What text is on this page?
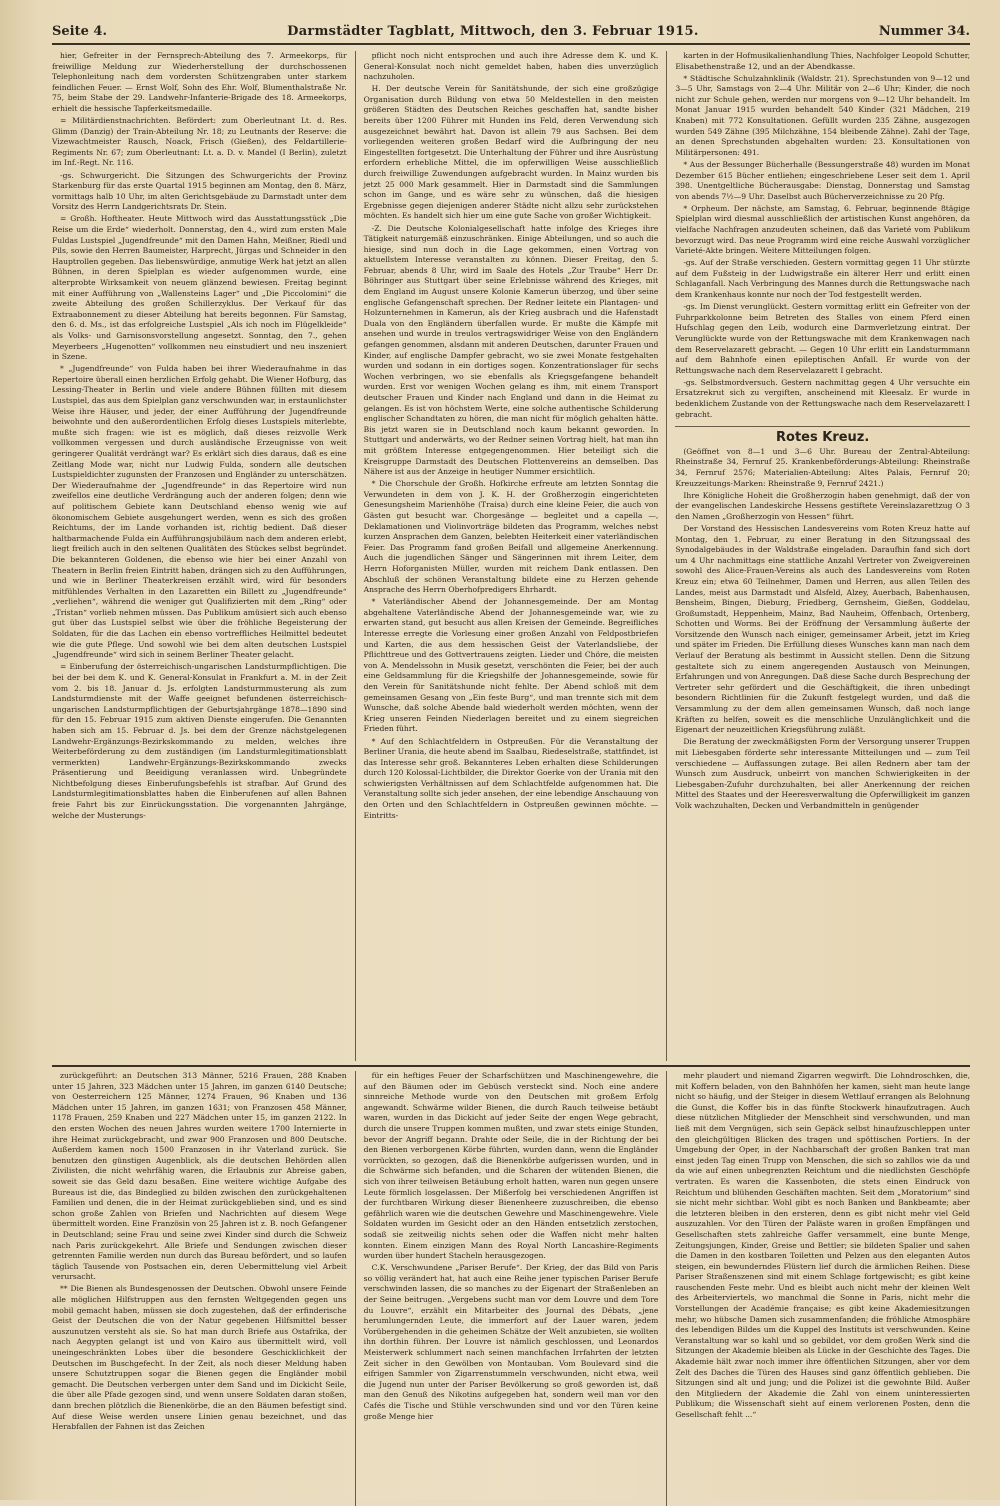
Seite 4.	Darmstädter Tagblatt, Mittwoch, den 3. Februar 1915.	Nummer 34.

hier, Gefreiter in der Fernsprech-Abteilung des 7. Armeekorps, für freiwillige Meldung zur Wiederherstellung der durchschossenen Telephonleitung nach dem vordersten Schützengraben unter starkem feindlichen Feuer. — Ernst Wolf, Sohn des Ehr. Wolf, Blumenthalstraße Nr. 75, beim Stabe der 29. Landwehr-Infanterie-Brigade des 18. Armeekorps, erhielt die hessische Tapferkeitsmedaille.

= Militärdienstnachrichten. Befördert: zum Oberleutnant Lt. d. Res. Glimm (Danzig) der Train-Abteilung Nr. 18; zu Leutnants der Reserve: die Vizewachtmeister Rausch, Noack, Frisch (Gießen), des Feldartillerie-Regiments Nr. 67; zum Oberleutnant: Lt. a. D. v. Mandel (I Berlin), zuletzt im Inf.-Regt. Nr. 116.

-gs. Schwurgericht. Die Sitzungen des Schwurgerichts der Provinz Starkenburg für das erste Quartal 1915 beginnen am Montag, den 8. März, vormittags halb 10 Uhr, im alten Gerichtsgebäude zu Darmstadt unter dem Vorsitz des Herrn Landgerichtsrats Dr. Stein.

= Großh. Hoftheater. Heute Mittwoch wird das Ausstattungsstück „Die Reise um die Erde“ wiederholt. Donnerstag, den 4., wird zum ersten Male Fuldas Lustspiel „Jugendfreunde“ mit den Damen Hahn, Meißner, Riedl und Pils, sowie den Herren Baumeister, Harprecht, Jürgas und Schneider in den Hauptrollen gegeben. Das liebenswürdige, anmutige Werk hat jetzt an allen Bühnen, in deren Spielplan es wieder aufgenommen wurde, eine alterprobte Wirksamkeit von neuem glänzend bewiesen. Freitag beginnt mit einer Aufführung von „Wallensteins Lager“ und „Die Piccolomini“ die zweite Abteilung des großen Schillerzyklus. Der Verkauf für das Extraabonnement zu dieser Abteilung hat bereits begonnen. Für Samstag, den 6. d. Ms., ist das erfolgreiche Lustspiel „Als ich noch im Flügelkleide“ als Volks- und Garnisonsvorstellung angesetzt. Sonntag, den 7., gehen Meyerbeers „Hugenotten“ vollkommen neu einstudiert und neu inszeniert in Szene.

* „Jugendfreunde“ von Fulda haben bei ihrer Wiederaufnahme in das Repertoire überall einen herzlichen Erfolg gehabt. Die Wiener Hofburg, das Lessing-Theater in Berlin und viele andere Bühnen füllten mit diesem Lustspiel, das aus dem Spielplan ganz verschwunden war, in erstaunlichster Weise ihre Häuser, und jeder, der einer Aufführung der Jugendfreunde beiwohnte und den außerordentlichen Erfolg dieses Lustspiels miterlebte, mußte sich fragen: wie ist es möglich, daß dieses reizvolle Werk vollkommen vergessen und durch ausländische Erzeugnisse von weit geringerer Qualität verdrängt war? Es erklärt sich dies daraus, daß es eine Zeitlang Mode war, nicht nur Ludwig Fulda, sondern alle deutschen Lustspieldichter zugunsten der Franzosen und Engländer zu unterschätzen. Der Wiederaufnahme der „Jugendfreunde“ in das Repertoire wird nun zweifellos eine deutliche Verdrängung auch der anderen folgen; denn wie auf politischem Gebiete kann Deutschland ebenso wenig wie auf ökonomischem Gebiete ausgehungert werden, wenn es sich des großen Reichtums, der im Lande vorhanden ist, richtig bedient. Daß dieser haltbarmachende Fulda ein Aufführungsjubiläum nach dem anderen erlebt, liegt freilich auch in den seltenen Qualitäten des Stückes selbst begründet. Die bekannteren Goldenen, die ebenso wie hier bei einer Anzahl von Theatern in Berlin freien Eintritt haben, drängen sich zu den Aufführungen, und wie in Berliner Theaterkreisen erzählt wird, wird für besonders mitfühlendes Verhalten in den Lazaretten ein Billett zu „Jugendfreunde“ „verliehen“, während die weniger gut Qualifizierten mit dem „Ring“ oder „Tristan“ vorlieb nehmen müssen. Das Publikum amüsiert sich auch ebenso gut über das Lustspiel selbst wie über die fröhliche Begeisterung der Soldaten, für die das Lachen ein ebenso vortreffliches Heilmittel bedeutet wie die gute Pflege. Und sowohl wie bei dem alten deutschen Lustspiel „Jugendfreunde“ wird sich in seinem Berliner Theater gelacht.

= Einberufung der österreichisch-ungarischen Landsturmpflichtigen. Die bei der bei dem K. und K. General-Konsulat in Frankfurt a. M. in der Zeit vom 2. bis 18. Januar d. Js. erfolgten Landsturmmusterung als zum Landsturmdienste mit der Waffe geeignet befundenen österreichisch-ungarischen Landsturmpflichtigen der Geburtsjahrgänge 1878—1890 sind für den 15. Februar 1915 zum aktiven Dienste eingerufen. Die Genannten haben sich am 15. Februar d. Js. bei dem der Grenze nächstgelegenen Landwehr-Ergänzungs-Bezirkskommando zu melden, welches ihre Weiterbeförderung zu dem zuständigen (im Landsturmlegitimationsblatt vermerkten) Landwehr-Ergänzungs-Bezirkskommando zwecks Präsentierung und Beeidigung veranlassen wird. Unbegründete Nichtbefolgung dieses Einberufungsbefehls ist strafbar. Auf Grund des Landsturmlegitimationsblattes haben die Einberufenen auf allen Bahnen freie Fahrt bis zur Einrückungsstation. Die vorgenannten Jahrgänge, welche der Musterungs-

pflicht noch nicht entsprochen und auch ihre Adresse dem K. und K. General-Konsulat noch nicht gemeldet haben, haben dies unverzüglich nachzuholen.

H. Der deutsche Verein für Sanitätshunde, der sich eine großzügige Organisation durch Bildung von etwa 50 Meldestellen in den meisten größeren Städten des Deutschen Reiches geschaffen hat, sandte bisher bereits über 1200 Führer mit Hunden ins Feld, deren Verwendung sich ausgezeichnet bewährt hat. Davon ist allein 79 aus Sachsen. Bei dem vorliegenden weiteren großen Bedarf wird die Aufbringung der neu Eingestellten fortgesetzt. Die Unterhaltung der Führer und ihre Ausrüstung erfordern erhebliche Mittel, die im opferwilligen Weise ausschließlich durch freiwillige Zuwendungen aufgebracht wurden. In Mainz wurden bis jetzt 25 000 Mark gesammelt. Hier in Darmstadt sind die Sammlungen schon im Gange, und es wäre sehr zu wünschen, daß die hiesigen Ergebnisse gegen diejenigen anderer Städte nicht allzu sehr zurückstehen möchten. Es handelt sich hier um eine gute Sache von großer Wichtigkeit.

-Z. Die Deutsche Kolonialgesellschaft hatte infolge des Krieges ihre Tätigkeit naturgemäß einzuschränken. Einige Abteilungen, und so auch die hiesige, sind nun doch in die Lage gekommen, einen Vortrag von aktuellstem Interesse veranstalten zu können. Dieser Freitag, den 5. Februar, abends 8 Uhr, wird im Saale des Hotels „Zur Traube“ Herr Dr. Böhringer aus Stuttgart über seine Erlebnisse während des Krieges, mit dem England im August unsere Kolonie Kamerun überzog, und über seine englische Gefangenschaft sprechen. Der Redner leitete ein Plantagen- und Holzunternehmen in Kamerun, als der Krieg ausbrach und die Hafenstadt Duala von den Engländern überfallen wurde. Er mußte die Kämpfe mit ansehen und wurde in treulos vertragswidriger Weise von den Engländern gefangen genommen, alsdann mit anderen Deutschen, darunter Frauen und Kinder, auf englische Dampfer gebracht, wo sie zwei Monate festgehalten wurden und sodann in ein dortiges sogen. Konzentrationslager für sechs Wochen verbringen, wo sie ebenfalls als Kriegsgefangene behandelt wurden. Erst vor wenigen Wochen gelang es ihm, mit einem Transport deutscher Frauen und Kinder nach England und dann in die Heimat zu gelangen. Es ist von höchstem Werte, eine solche authentische Schilderung englischer Schandtaten zu hören, die man nicht für möglich gehalten hätte. Bis jetzt waren sie in Deutschland noch kaum bekannt geworden. In Stuttgart und anderwärts, wo der Redner seinen Vortrag hielt, hat man ihn mit größtem Interesse entgegengenommen. Hier beteiligt sich die Kreisgruppe Darmstadt des Deutschen Flottenvereins an demselben. Das Nähere ist aus der Anzeige in heutiger Nummer ersichtlich.

* Die Chorschule der Großh. Hofkirche erfreute am letzten Sonntag die Verwundeten in dem von J. K. H. der Großherzogin eingerichteten Genesungsheim Marienhöhe (Traisa) durch eine kleine Feier, die auch von Gästen gut besucht war. Chorgesänge — begleitet und a capella —, Deklamationen und Violinvorträge bildeten das Programm, welches nebst kurzen Ansprachen dem Ganzen, belebten Heiterkeit einer vaterländischen Feier. Das Programm fand großen Beifall und allgemeine Anerkennung. Auch die jugendlichen Sänger und Sängerinnen mit ihrem Leiter, dem Herrn Hoforganisten Müller, wurden mit reichem Dank entlassen. Den Abschluß der schönen Veranstaltung bildete eine zu Herzen gehende Ansprache des Herrn Oberhofpredigers Ehrhardt.

* Vaterländischer Abend der Johannesgemeinde. Der am Montag abgehaltene Vaterländische Abend der Johannesgemeinde war, wie zu erwarten stand, gut besucht aus allen Kreisen der Gemeinde. Begreifliches Interesse erregte die Vorlesung einer großen Anzahl von Feldpostbriefen und Karten, die aus dem hessischen Geist der Vaterlandsliebe, der Pflichttreue und des Gottvertrauens zeigten. Lieder und Chöre, die meisten von A. Mendelssohn in Musik gesetzt, verschönten die Feier, bei der auch eine Geldsammlung für die Kriegshilfe der Johannesgemeinde, sowie für den Verein für Sanitätshunde nicht fehlte. Der Abend schloß mit dem gemeinsamen Gesang von „Ein feste Burg“, und man trennte sich mit dem Wunsche, daß solche Abende bald wiederholt werden möchten, wenn der Krieg unseren Feinden Niederlagen bereitet und zu einem siegreichen Frieden führt.

* Auf den Schlachtfeldern in Ostpreußen. Für die Veranstaltung der Berliner Urania, die heute abend im Saalbau, Riedeselstraße, stattfindet, ist das Interesse sehr groß. Bekannteres Leben erhalten diese Schilderungen durch 120 Kolossal-Lichtbilder, die Direktor Goerke von der Urania mit den schwierigsten Verhältnissen auf dem Schlachtfelde aufgenommen hat. Die Veranstaltung sollte sich jeder ansehen, der eine lebendige Anschauung von den Orten und den Schlachtfeldern in Ostpreußen gewinnen möchte. — Eintritts-

karten in der Hofmusikalienhandlung Thies, Nachfolger Leopold Schutter, Elisabethenstraße 12, und an der Abendkasse.

* Städtische Schulzahnklinik (Waldstr. 21). Sprechstunden von 9—12 und 3—5 Uhr, Samstags von 2—4 Uhr. Militär von 2—6 Uhr; Kinder, die noch nicht zur Schule gehen, werden nur morgens von 9—12 Uhr behandelt. Im Monat Januar 1915 wurden behandelt 540 Kinder (321 Mädchen, 219 Knaben) mit 772 Konsultationen. Gefüllt wurden 235 Zähne, ausgezogen wurden 549 Zähne (395 Milchzähne, 154 bleibende Zähne). Zahl der Tage, an denen Sprechstunden abgehalten wurden: 23. Konsultationen von Militärpersonen: 491.

* Aus der Bessunger Bücherhalle (Bessungerstraße 48) wurden im Monat Dezember 615 Bücher entliehen; eingeschriebene Leser seit dem 1. April 398. Unentgeltliche Bücherausgabe: Dienstag, Donnerstag und Samstag von abends 7½—9 Uhr. Daselbst auch Bücherverzeichnisse zu 20 Pfg.

* Orpheum. Der nächste, am Samstag, 6. Februar, beginnende 8tägige Spielplan wird diesmal ausschließlich der artistischen Kunst angehören, da vielfache Nachfragen anzudeuten scheinen, daß das Varieté vom Publikum bevorzugt wird. Das neue Programm wird eine reiche Auswahl vorzüglicher Varieté-Akte bringen. Weitere Mitteilungen folgen.

-gs. Auf der Straße verschieden. Gestern vormittag gegen 11 Uhr stürzte auf dem Fußsteig in der Ludwigstraße ein älterer Herr und erlitt einen Schlaganfall. Nach Verbringung des Mannes durch die Rettungswache nach dem Krankenhaus konnte nur noch der Tod festgestellt werden.

-gs. Im Dienst verunglückt. Gestern vormittag erlitt ein Gefreiter von der Fuhrparkkolonne beim Betreten des Stalles von einem Pferd einen Hufschlag gegen den Leib, wodurch eine Darmverletzung eintrat. Der Verunglückte wurde von der Rettungswache mit dem Krankenwagen nach dem Reservelazarett gebracht. — Gegen 10 Uhr erlitt ein Landsturmmann auf dem Bahnhofe einen epileptischen Anfall. Er wurde von der Rettungswache nach dem Reservelazarett I gebracht.

-gs. Selbstmordversuch. Gestern nachmittag gegen 4 Uhr versuchte ein Ersatzrekrut sich zu vergiften, anscheinend mit Kleesalz. Er wurde in bedenklichem Zustande von der Rettungswache nach dem Reservelazarett I gebracht.

Rotes Kreuz.

(Geöffnet von 8—1 und 3—6 Uhr. Bureau der Zentral-Abteilung: Rheinstraße 34, Fernruf 25. Krankenbeförderungs-Abteilung: Rheinstraße 34, Fernruf 2576; Materialien-Abteilung: Altes Palais, Fernruf 20; Kreuzzeitungs-Marken: Rheinstraße 9, Fernruf 2421.)

Ihre Königliche Hoheit die Großherzogin haben genehmigt, daß der von der evangelischen Landeskirche Hessens gestiftete Vereinslazarettzug O 3 den Namen „Großherzogin von Hessen“ führt.

Der Vorstand des Hessischen Landesvereins vom Roten Kreuz hatte auf Montag, den 1. Februar, zu einer Beratung in den Sitzungssaal des Synodalgebäudes in der Waldstraße eingeladen. Daraufhin fand sich dort um 4 Uhr nachmittags eine stattliche Anzahl Vertreter von Zweigvereinen sowohl des Alice-Frauen-Vereins als auch des Landesvereins vom Roten Kreuz ein; etwa 60 Teilnehmer, Damen und Herren, aus allen Teilen des Landes, meist aus Darmstadt und Alsfeld, Alzey, Auerbach, Babenhausen, Bensheim, Bingen, Dieburg, Friedberg, Gernsheim, Gießen, Goddelau, Großumstadt, Heppenheim, Mainz, Bad Nauheim, Offenbach, Ortenberg, Schotten und Worms. Bei der Eröffnung der Versammlung äußerte der Vorsitzende den Wunsch nach einiger, gemeinsamer Arbeit, jetzt im Krieg und später im Frieden. Die Erfüllung dieses Wunsches kann man nach dem Verlauf der Beratung als bestimmt in Aussicht stellen. Denn die Sitzung gestaltete sich zu einem angeregenden Austausch von Meinungen, Erfahrungen und von Anregungen. Daß diese Sache durch Besprechung der Vertreter sehr gefördert und die Geschäftigkeit, die ihren unbedingt besondern Richtlinien für die Zukunft festgelegt wurden, und daß die Versammlung zu der dem allen gemeinsamen Wunsch, daß noch lange Kräften zu helfen, soweit es die menschliche Unzulänglichkeit und die Eigenart der neuzeitlichen Kriegsführung zuläßt.

Die Beratung der zweckmäßigsten Form der Versorgung unserer Truppen mit Liebesgaben förderte sehr interessante Mitteilungen und — zum Teil verschiedene — Auffassungen zutage. Bei allen Rednern aber tam der Wunsch zum Ausdruck, unbeirrt von manchen Schwierigkeiten in der Liebesgaben-Zufuhr durchzuhalten, bei aller Anerkennung der reichen Mittel des Staates und der Heeresverwaltung die Opferwilligkeit im ganzen Volk wachzuhalten, Decken und Verbandmitteln in genügender

zurückgeführt: an Deutschen 313 Männer, 5216 Frauen, 288 Knaben unter 15 Jahren, 323 Mädchen unter 15 Jahren, im ganzen 6140 Deutsche; von Oesterreichern 125 Männer, 1274 Frauen, 96 Knaben und 136 Mädchen unter 15 Jahren, im ganzen 1631; von Franzosen 458 Männer, 1178 Frauen, 259 Knaben und 227 Mädchen unter 15, im ganzen 2122. In den ersten Wochen des neuen Jahres wurden weitere 1700 Internierte in ihre Heimat zurückgebracht, und zwar 900 Franzosen und 800 Deutsche. Außerdem kamen noch 1500 Franzosen in ihr Vaterland zurück. Sie benutzen den günstigen Augenblick, als die deutschen Behörden allen Zivilisten, die nicht wehrfähig waren, die Erlaubnis zur Abreise gaben, soweit sie das Geld dazu besaßen. Eine weitere wichtige Aufgabe des Bureaus ist die, das Bindeglied zu bilden zwischen den zurückgehaltenen Familien und denen, die in der Heimat zurückgeblieben sind, und es sind schon große Zahlen von Briefen und Nachrichten auf diesem Wege übermittelt worden. Eine Französin von 25 Jahren ist z. B. noch Gefangener in Deutschland; seine Frau und seine zwei Kinder sind durch die Schweiz nach Paris zurückgekehrt. Alle Briefe und Sendungen zwischen dieser getrennten Familie werden nun durch das Bureau befördert, und so laufen täglich Tausende von Postsachen ein, deren Uebermittelung viel Arbeit verursacht.

** Die Bienen als Bundesgenossen der Deutschen. Obwohl unsere Feinde alle möglichen Hilfstruppen aus den fernsten Weltgegenden gegen uns mobil gemacht haben, müssen sie doch zugestehen, daß der erfinderische Geist der Deutschen die von der Natur gegebenen Hilfsmittel besser auszunutzen versteht als sie. So hat man durch Briefe aus Ostafrika, der nach Aegypten gelangt ist und von Kairo aus übermittelt wird, voll uneingeschränkten Lobes über die besondere Geschicklichkeit der Deutschen im Buschgefecht. In der Zeit, als noch dieser Meldung haben unsere Schutztruppen sogar die Bienen gegen die Engländer mobil gemacht. Die Deutschen verbergen unter dem Sand und im Dickicht Seile, die über alle Pfade gezogen sind, und wenn unsere Soldaten daran stoßen, dann brechen plötzlich die Bienenkörbe, die an den Bäumen befestigt sind. Auf diese Weise werden unsere Linien genau bezeichnet, und das Herabfallen der Fahnen ist das Zeichen

für ein heftiges Feuer der Scharfschützen und Maschinengewehre, die auf den Bäumen oder im Gebüsch versteckt sind. Noch eine andere sinnreiche Methode wurde von den Deutschen mit großem Erfolg angewandt. Schwärme wilder Bienen, die durch Rauch teilweise betäubt waren, wurden in das Dickicht auf jeder Seite der engen Wege gebracht, durch die unsere Truppen kommen mußten, und zwar stets einige Stunden, bevor der Angriff begann. Drahte oder Seile, die in der Richtung der bei den Bienen verborgenen Körbe führten, wurden dann, wenn die Engländer vorrückten, so gezogen, daß die Bienenkörbe aufgerissen wurden, und in die Schwärme sich befanden, und die Scharen der wütenden Bienen, die sich von ihrer teilweisen Betäubung erholt hatten, waren nun gegen unsere Leute förmlich losgelassen. Der Mißerfolg bei verschiedenen Angriffen ist der furchtbaren Wirkung dieser Bienenheere zuzuschreiben, die ebenso gefährlich waren wie die deutschen Gewehre und Maschinengewehre. Viele Soldaten wurden im Gesicht oder an den Händen entsetzlich zerstochen, sodaß sie zeitweilig nichts sehen oder die Waffen nicht mehr halten konnten. Einem einzigen Mann des Royal North Lancashire-Regiments wurden über hundert Stacheln herausgezogen.

C.K. Verschwundene „Pariser Berufe“. Der Krieg, der das Bild von Paris so völlig verändert hat, hat auch eine Reihe jener typischen Pariser Berufe verschwinden lassen, die so manches zu der Eigenart der Straßenleben an der Seine beitrugen. „Vergebens sucht man vor dem Louvre und dem Tore du Louvre“, erzählt ein Mitarbeiter des Journal des Débats, „jene herumlungernden Leute, die immerfort auf der Lauer waren, jedem Vorübergehenden in die geheimen Schätze der Welt anzubieten, sie wollten ihn dorthin führen. Der Louvre ist nämlich geschlossen, und Leonardos Meisterwerk schlummert nach seinen manchfachen Irrfahrten der letzten Zeit sicher in den Gewölben von Montauban. Vom Boulevard sind die eifrigen Sammler von Zigarrenstummeln verschwunden, nicht etwa, weil die Jugend nun unter der Pariser Bevölkerung so groß geworden ist, daß man den Genuß des Nikotins aufgegeben hat, sondern weil man vor den Cafés die Tische und Stühle verschwunden sind und vor den Türen keine große Menge hier

mehr plaudert und niemand Zigarren wegwirft. Die Lohndroschken, die, mit Koffern beladen, von den Bahnhöfen her kamen, sieht man heute lange nicht so häufig, und der Steiger in diesem Wettlauf errangen als Belohnung die Gunst, die Koffer bis in das fünfte Stockwerk hinaufzutragen. Auch diese nützlichen Mitglieder der Menschheit sind verschwunden, und man ließ mit dem Vergnügen, sich sein Gepäck selbst hinaufzuschleppen unter den gleichgültigen Blicken des tragen und spöttischen Portiers. In der Umgebung der Oper, in der Nachbarschaft der großen Banken trat man einst jeden Tag einen Trupp von Menschen, die sich so zahllos wie da und da wie auf einen unbegrenzten Reichtum und die niedlichsten Geschöpfe vertraten. Es waren die Kassenboten, die stets einen Eindruck von Reichtum und blühenden Geschäften machten. Seit dem „Moratorium“ sind sie nicht mehr sichtbar. Wohl gibt es noch Banken und Bankbeamte; aber die letzteren bleiben in den ersteren, denn es gibt nicht mehr viel Geld auszuzahlen. Vor den Türen der Paläste waren in großen Empfängen und Gesellschaften stets zahlreiche Gaffer versammelt, eine bunte Menge, Zeitungsjungen, Kinder, Greise und Bettler; sie bildeten Spalier und sahen die Damen in den kostbaren Toiletten und Pelzen aus den eleganten Autos steigen, ein bewunderndes Flüstern lief durch die ärmlichen Reihen. Diese Pariser Straßenszenen sind mit einem Schlage fortgewischt; es gibt keine rauschenden Feste mehr. Und es bleibt auch nicht mehr der kleinen Welt des Arbeiterviertels, wo manchmal die Sonne in Paris, nicht mehr die Vorstellungen der Académie française; es gibt keine Akademiesitzungen mehr, wo hübsche Damen sich zusammenfanden; die fröhliche Atmosphäre des lebendigen Bildes um die Kuppel des Instituts ist verschwunden. Keine Veranstaltung war so kahl und so gebildet, vor dem großen Werk sind die Sitzungen der Akademie bleiben als Lücke in der Geschichte des Tages. Die Akademie hält zwar noch immer ihre öffentlichen Sitzungen, aber vor dem Zelt des Daches die Türen des Hauses sind ganz öffentlich geblieben. Die Sitzungen sind alt und jung; und die Polizei ist die gewohnte Bild. Außer den Mitgliedern der Akademie die Zahl von einem uninteressierten Publikum; die Wissenschaft sieht auf einem verlorenen Posten, denn die Gesellschaft fehlt ...“
